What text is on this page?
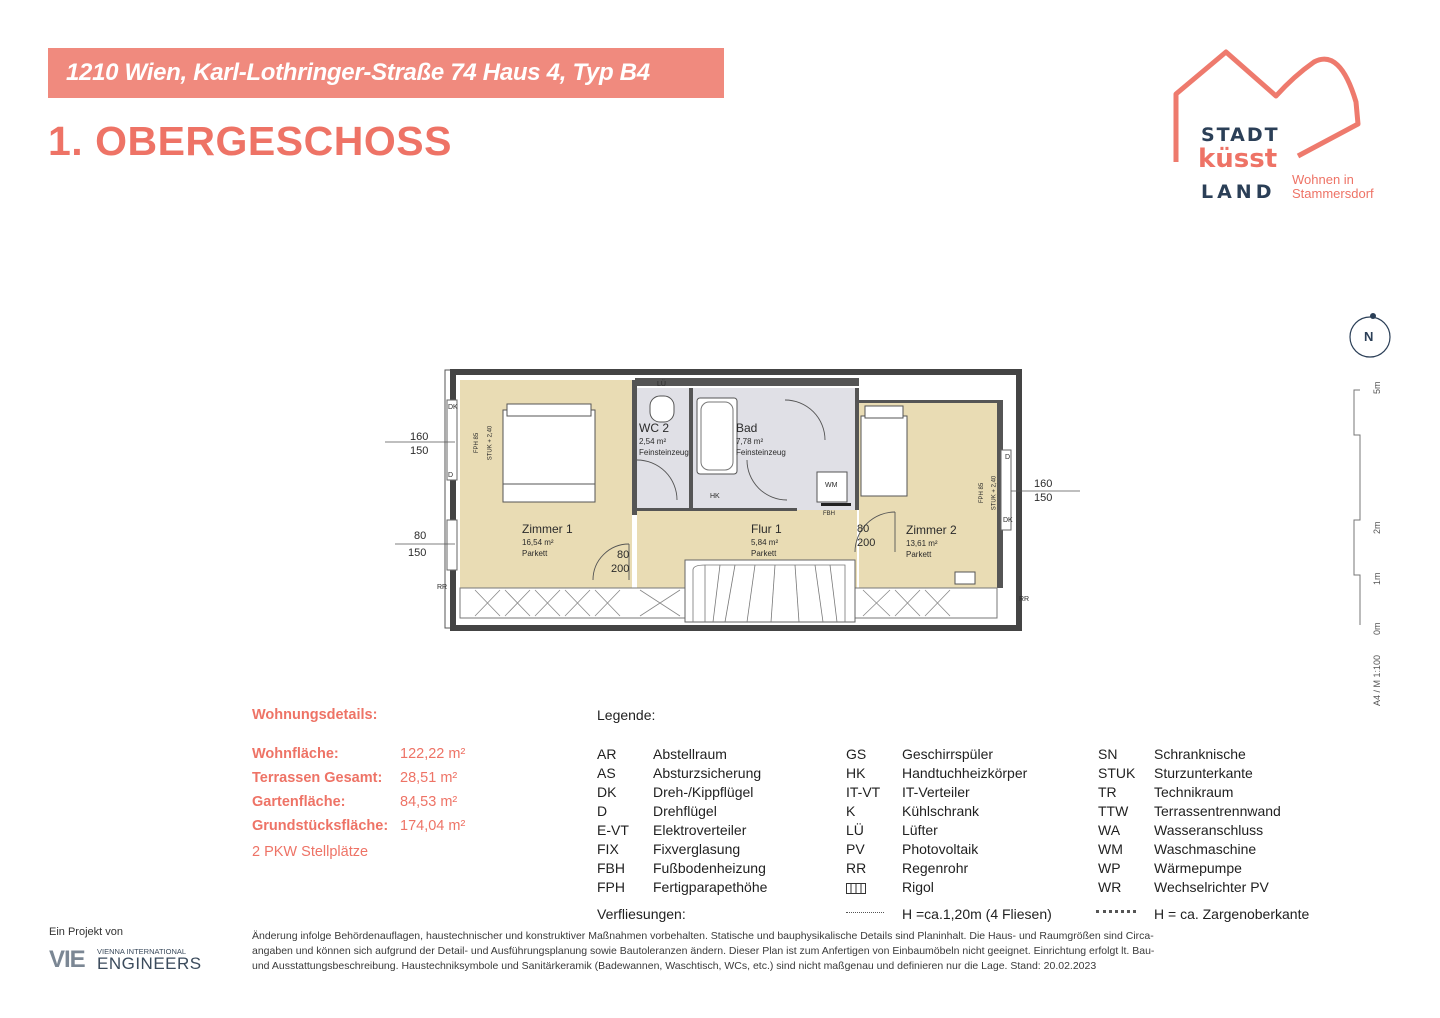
1210 Wien, Karl-Lothringer-Straße 74 Haus 4, Typ B4
1. OBERGESCHOSS	STADT
küsst
LAND
Wohnen in
Stammersdorf
N
5m
2m
1m
0m
A4 / M 1:100
Zimmer 1
16,54 m²
Parkett
WC 2
2,54 m²
Feinsteinzeug
Bad
7,78 m²
Feinsteinzeug
Flur 1
5,84 m²
Parkett
Zimmer 2
13,61 m²
Parkett
160
150
80
150
160
150
80
200
80
200
LÜ
HK
WM
FBH
RR
RR
DK
D
DK
D
FPH 85 STUK + 2,40
FPH 85 STUK + 2,40
Wohnungsdetails:
Wohnfläche:	122,22 m²
Terrassen Gesamt: 28,51 m²
Gartenfläche:	84,53 m²
Grundstücksfläche: 174,04 m²
2 PKW Stellplätze
Legende:
AR	Abstellraum
AS	Absturzsicherung
DK	Dreh-/Kippflügel
D	Drehflügel
E-VT Elektroverteiler
FIX Fixverglasung
FBH Fußbodenheizung
FPH Fertigparapethöhe
GS	Geschirrspüler
HK	Handtuchheizkörper
IT-VT IT-Verteiler
K	Kühlschrank
LÜ	Lüfter
PV	Photovoltaik
RR	Regenrohr
Rigol
SN	Schranknische
STUK Sturzunterkante
TR	Technikraum
TTW Terrassentrennwand
WA Wasseranschluss
WM Waschmaschine
WP Wärmepumpe
WR Wechselrichter PV
Verfliesungen:	H =ca.1,20m (4 Fliesen)	H = ca. Zargenoberkante
Ein Projekt von
VIE VIENNA INTERNATIONAL
ENGINEERS
Änderung infolge Behördenauflagen, haustechnischer und konstruktiver Maßnahmen vorbehalten. Statische und bauphysikalische Details sind Planinhalt. Die Haus- und Raumgrößen sind Circa-
angaben und können sich aufgrund der Detail- und Ausführungsplanung sowie Bautoleranzen ändern. Dieser Plan ist zum Anfertigen von Einbaumöbeln nicht geeignet. Einrichtung erfolgt lt. Bau-
und Ausstattungsbeschreibung. Haustechniksymbole und Sanitärkeramik (Badewannen, Waschtisch, WCs, etc.) sind nicht maßgenau und definieren nur die Lage. Stand: 20.02.2023
